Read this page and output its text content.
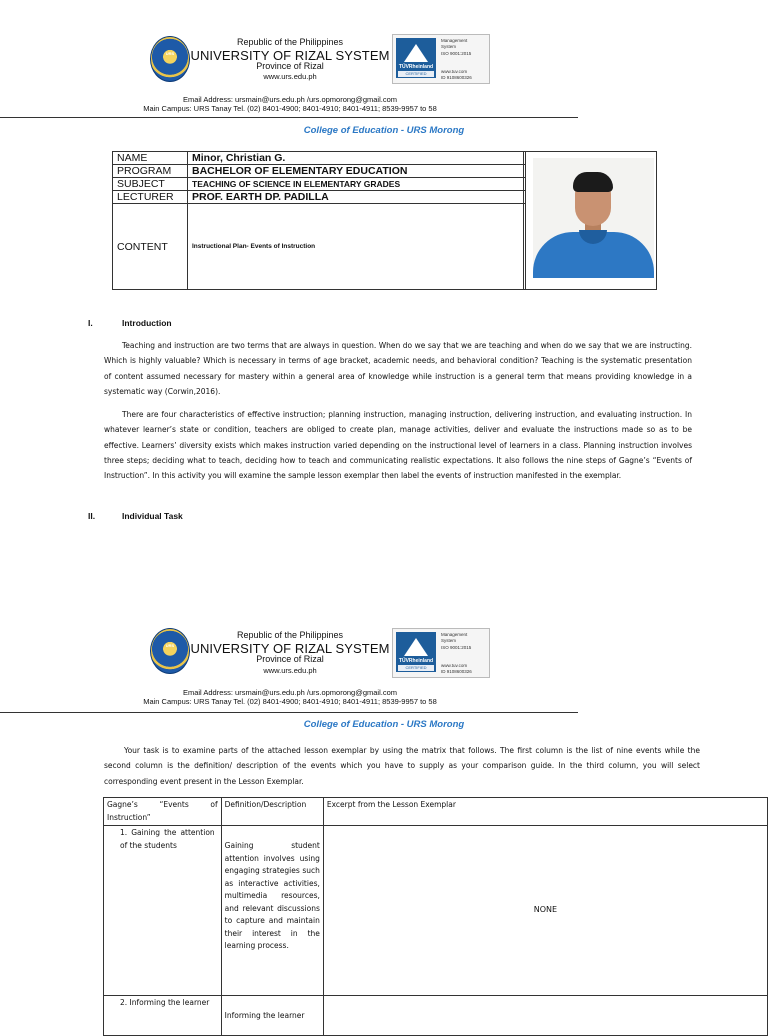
URS
Republic of the Philippines
UNIVERSITY OF RIZAL SYSTEM
Province of Rizal
www.urs.edu.ph
TÜVRheinland
CERTIFIED
Management
System
ISO 9001:2015
www.tuv.com
ID 9108600326
Email Address: ursmain@urs.edu.ph /urs.opmorong@gmail.com
Main Campus: URS Tanay Tel. (02) 8401-4900; 8401-4910; 8401-4911; 8539-9957 to 58
College of Education - URS Morong
NAME	Minor, Christian G.
PROGRAM	BACHELOR OF ELEMENTARY EDUCATION
SUBJECT	TEACHING OF SCIENCE IN ELEMENTARY GRADES
LECTURER	PROF. EARTH DP. PADILLA
CONTENT	Instructional Plan- Events of Instruction
I.	Introduction
Teaching and instruction are two terms that are always in question. When do we say that we are teaching and when do we say that we are instructing. Which is highly valuable? Which is necessary in terms of age bracket, academic needs, and behavioral condition? Teaching is the systematic presentation of content assumed necessary for mastery within a general area of knowledge while instruction is a general term that means providing knowledge in a systematic way (Corwin,2016).
There are four characteristics of effective instruction; planning instruction, managing instruction, delivering instruction, and evaluating instruction. In whatever learner’s state or condition, teachers are obliged to create plan, manage activities, deliver and evaluate the instructions made so as to be effective. Learners’ diversity exists which makes instruction varied depending on the instructional level of learners in a class. Planning instruction involves three steps; deciding what to teach, deciding how to teach and communicating realistic expectations. It also follows the nine steps of Gagne’s “Events of Instruction”. In this activity you will examine the sample lesson exemplar then label the events of instruction manifested in the exemplar.
II.	Individual Task
URS
Republic of the Philippines
UNIVERSITY OF RIZAL SYSTEM
Province of Rizal
www.urs.edu.ph
TÜVRheinland
CERTIFIED
Management
System
ISO 9001:2015
www.tuv.com
ID 9108600326
Email Address: ursmain@urs.edu.ph /urs.opmorong@gmail.com
Main Campus: URS Tanay Tel. (02) 8401-4900; 8401-4910; 8401-4911; 8539-9957 to 58
College of Education - URS Morong
Your task is to examine parts of the attached lesson exemplar by using the matrix that follows. The first column is the list of nine events while the second column is the definition/ description of the events which you have to supply as your comparison guide. In the third column, you will select corresponding event present in the Lesson Exemplar.
Gagne’s “Events of Instruction”	Definition/Description	Excerpt from the Lesson Exemplar
1. Gaining the attention of the students	Gaining student attention involves using engaging strategies such as interactive activities, multimedia resources, and relevant discussions to capture and maintain their interest in the learning process.	NONE
2. Informing the learner	Informing the learner	
